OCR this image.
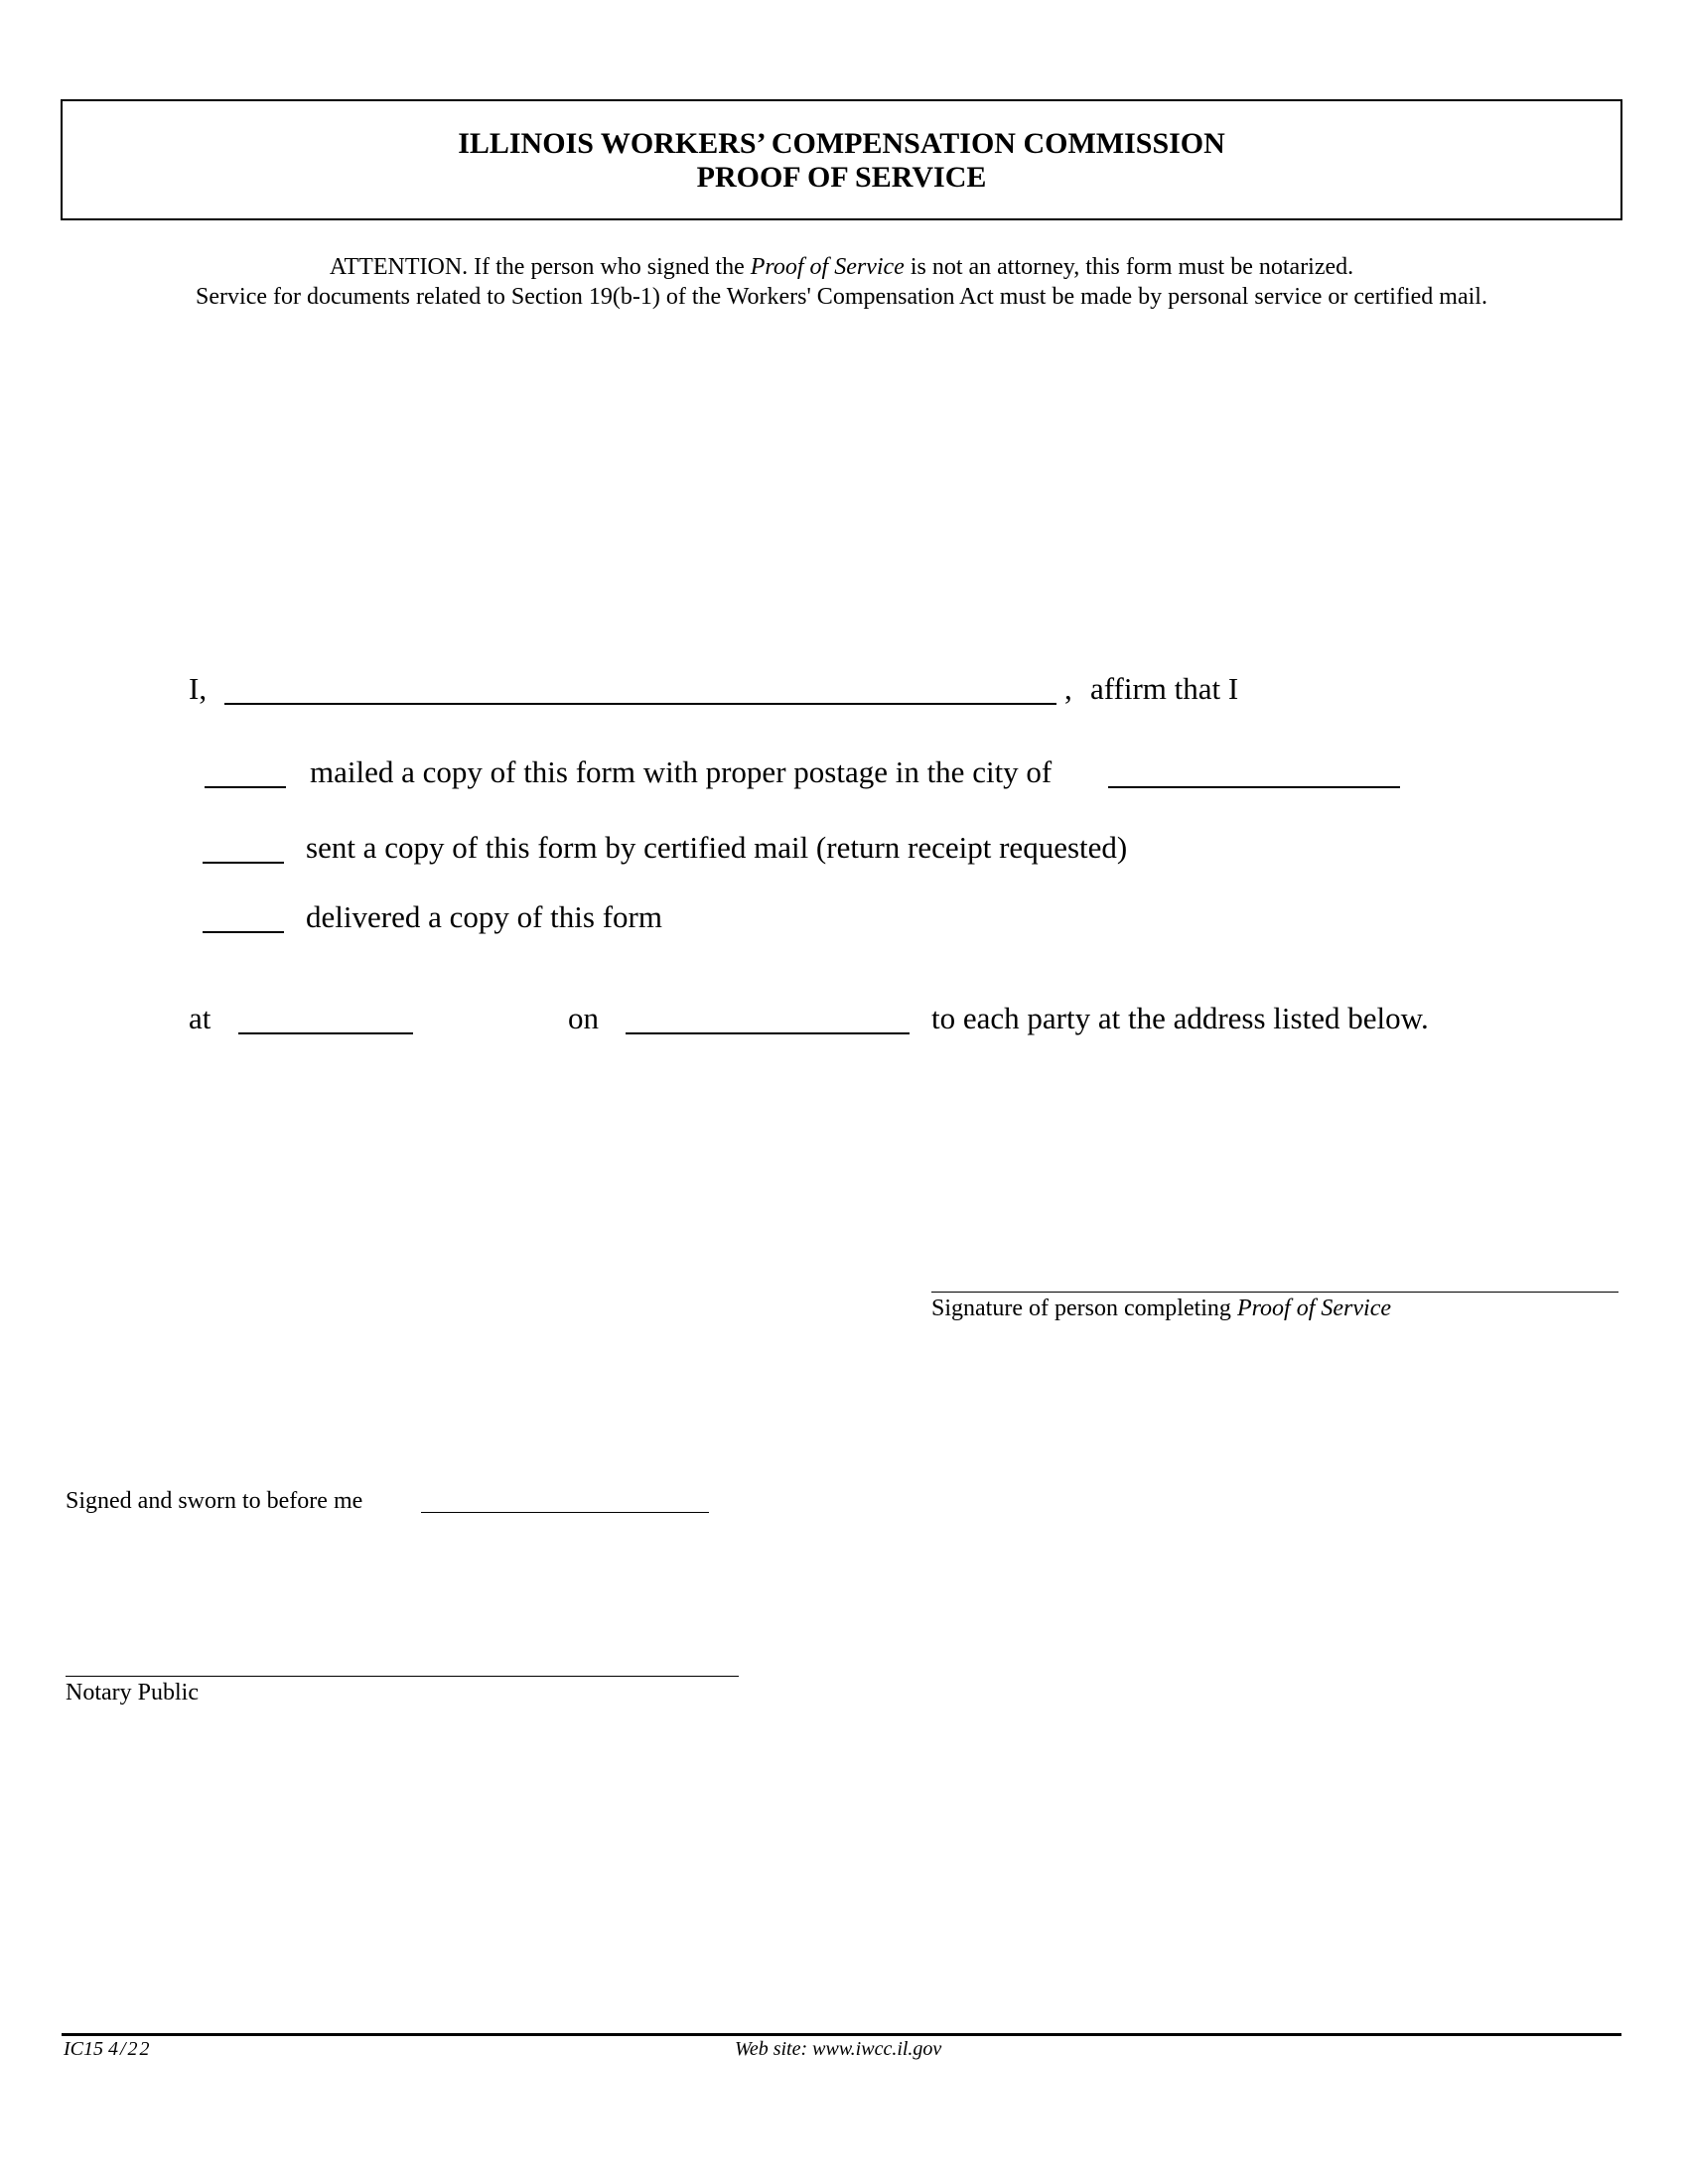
ILLINOIS WORKERS’ COMPENSATION COMMISSION
PROOF OF SERVICE
ATTENTION. If the person who signed the Proof of Service is not an attorney, this form must be notarized.
Service for documents related to Section 19(b-1) of the Workers' Compensation Act must be made by personal service or certified mail.
I,	, affirm that I
mailed a copy of this form with proper postage in the city of
sent a copy of this form by certified mail (return receipt requested)
delivered a copy of this form
at	on	to each party at the address listed below.
Signature of person completing Proof of Service
Signed and sworn to before me
Notary Public
IC15 4/22	Web site: www.iwcc.il.gov
